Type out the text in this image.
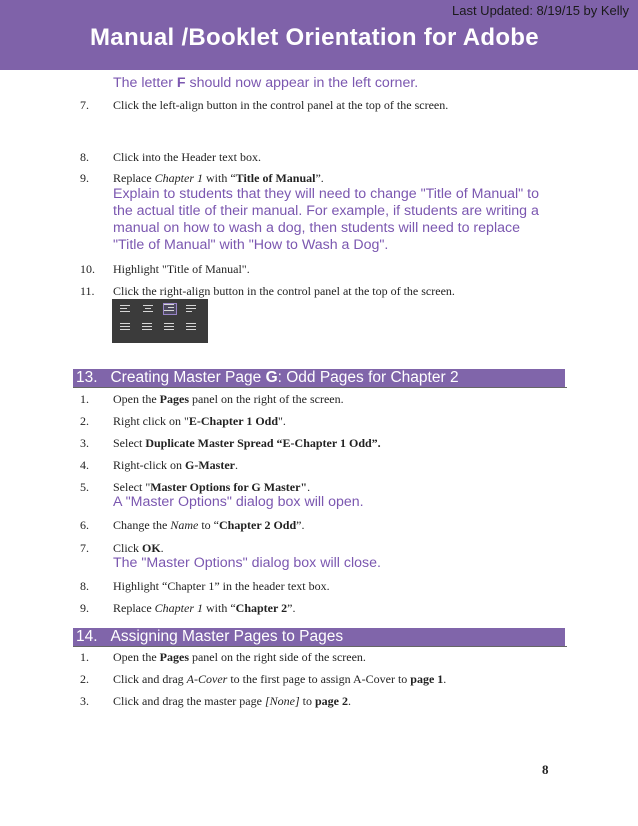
Last Updated: 8/19/15 by Kelly
Manual /Booklet Orientation for Adobe
The letter F should now appear in the left corner.
7.	Click the left-align button in the control panel at the top of the screen.
8.	Click into the Header text box.
9.	Replace Chapter 1 with “Title of Manual”.
Explain to students that they will need to change "Title of Manual" to the actual title of their manual. For example, if students are writing a manual on how to wash a dog, then students will need to replace "Title of Manual" with "How to Wash a Dog".
10.	Highlight "Title of Manual".
11.	Click the right-align button in the control panel at the top of the screen.
13. Creating Master Page G: Odd Pages for Chapter 2
1.	Open the Pages panel on the right of the screen.
2.	Right click on "E-Chapter 1 Odd".
3.	Select Duplicate Master Spread “E-Chapter 1 Odd”.
4.	Right-click on G-Master.
5.	Select "Master Options for G Master".
A "Master Options" dialog box will open.
6.	Change the Name to “Chapter 2 Odd”.
7.	Click OK.
The "Master Options" dialog box will close.
8.	Highlight “Chapter 1” in the header text box.
9.	Replace Chapter 1 with “Chapter 2”.
14. Assigning Master Pages to Pages
1.	Open the Pages panel on the right side of the screen.
2.	Click and drag A-Cover to the first page to assign A-Cover to page 1.
3.	Click and drag the master page [None] to page 2.
8
